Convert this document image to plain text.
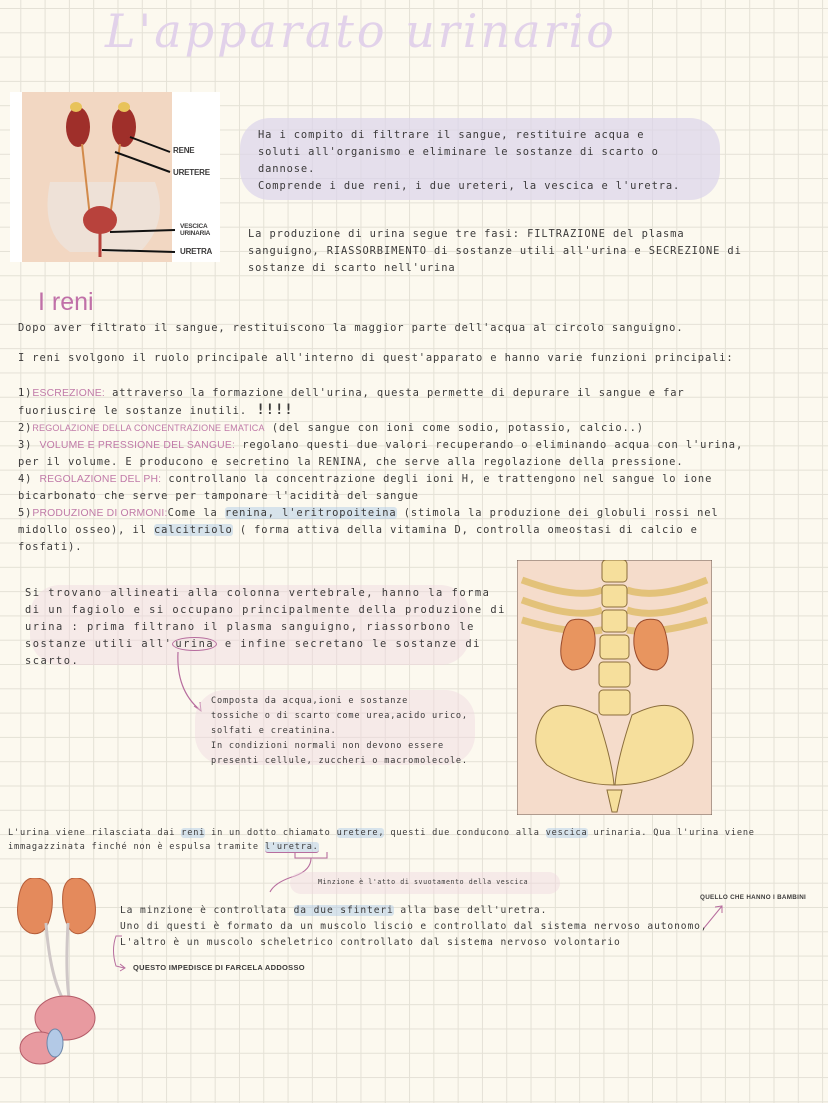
L'apparato urinario
RENE
URETERE
VESCICA URINARIA
URETRA
Ha i compito di filtrare il sangue, restituire acqua e
soluti all'organismo e eliminare le sostanze di scarto o
dannose.
Comprende i due reni, i due ureteri, la vescica e l'uretra.
La produzione di urina segue tre fasi: FILTRAZIONE del plasma
sanguigno, RIASSORBIMENTO di sostanze utili all'urina e SECREZIONE di
sostanze di scarto nell'urina
I reni
Dopo aver filtrato il sangue, restituiscono la maggior parte dell'acqua al circolo sanguigno.
I reni svolgono il ruolo principale all'interno di quest'apparato e hanno varie funzioni principali:
1)ESCREZIONE: attraverso la formazione dell'urina, questa permette di depurare il sangue e far
fuoriuscire le sostanze inutili. !!!!
2)REGOLAZIONE DELLA CONCENTRAZIONE EMATICA (del sangue con ioni come sodio, potassio, calcio..)
3) VOLUME E PRESSIONE DEL SANGUE: regolano questi due valori recuperando o eliminando acqua con l'urina,
per il volume. E producono e secretino la RENINA, che serve alla regolazione della pressione.
4) REGOLAZIONE DEL PH: controllano la concentrazione degli ioni H, e trattengono nel sangue lo ione
bicarbonato che serve per tamponare l'acidità del sangue
5)PRODUZIONE DI ORMONI:Come la renina, l'eritropoiteina (stimola la produzione dei globuli rossi nel
midollo osseo), il calcitriolo ( forma attiva della vitamina D, controlla omeostasi di calcio e
fosfati).
Si trovano allineati alla colonna vertebrale, hanno la forma
di un fagiolo e si occupano principalmente della produzione di
urina : prima filtrano il plasma sanguigno, riassorbono le
sostanze utili all' urina e infine secretano le sostanze di
scarto.
Composta da acqua,ioni e sostanze
tossiche o di scarto come urea,acido urico,
solfati e creatinina.
In condizioni normali non devono essere
presenti cellule, zuccheri o macromolecole.
L'urina viene rilasciata dai reni in un dotto chiamato uretere, questi due conducono alla vescica urinaria. Qua l'urina viene
immagazzinata finché non è espulsa tramite l'uretra.
Minzione è l'atto di svuotamento della vescica
QUELLO CHE HANNO I BAMBINI
La minzione è controllata da due sfinteri alla base dell'uretra.
Uno di questi è formato da un muscolo liscio e controllato dal sistema nervoso autonomo,
L'altro è un muscolo scheletrico controllato dal sistema nervoso volontario
QUESTO IMPEDISCE DI FARCELA ADDOSSO
